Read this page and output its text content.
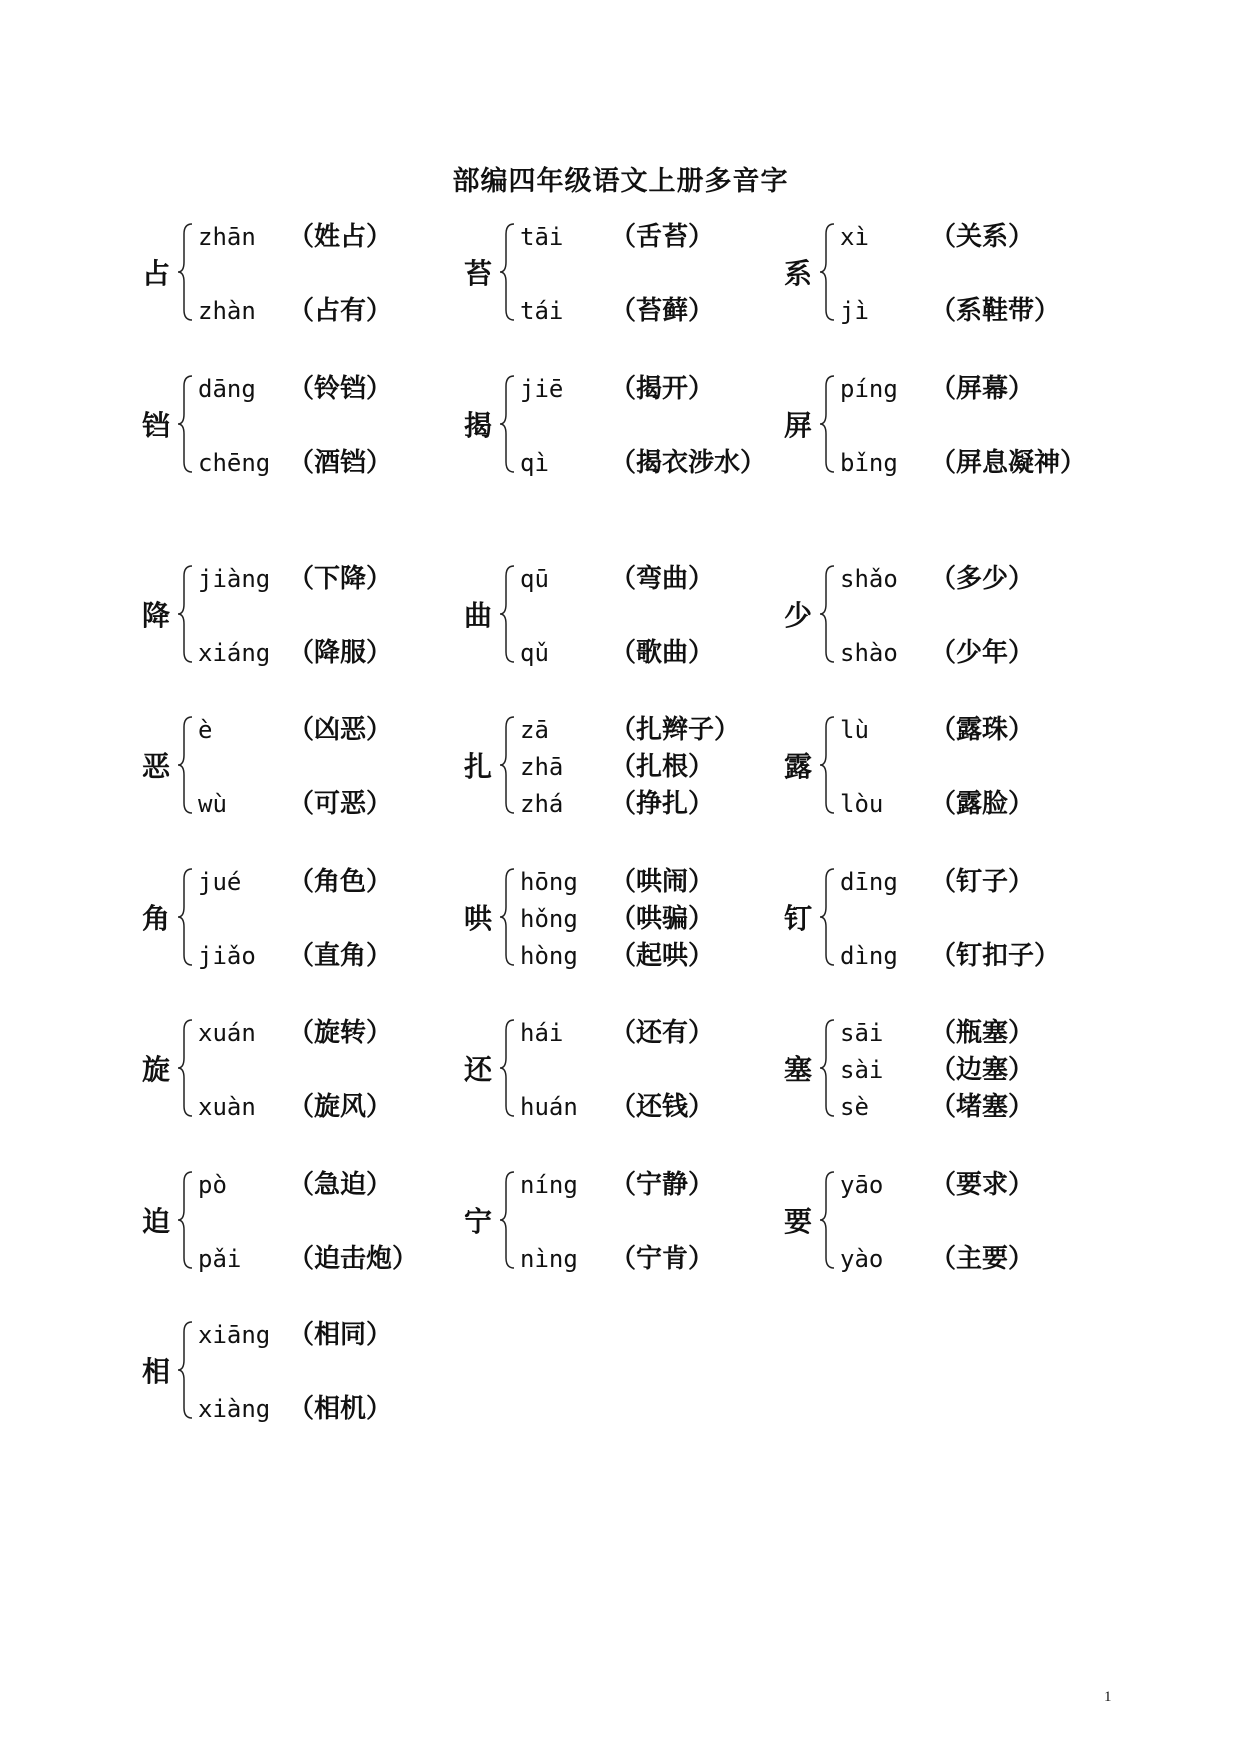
部编四年级语文上册多音字
占
zhān （姓占）
zhàn （占有）
苔
tāi （舌苔）
tái （苔藓）
系
xì （关系）
jì （系鞋带）
铛
dāng （铃铛）
chēng （酒铛）
揭
jiē （揭开）
qì （揭衣涉水）
屏
píng （屏幕）
bǐng （屏息凝神）
降
jiàng （下降）
xiáng （降服）
曲
qū （弯曲）
qǔ （歌曲）
少
shǎo （多少）
shào （少年）
恶
è	（凶恶）
wù （可恶）
扎
zā （扎辫子）
zhā （扎根）
zhá （挣扎）
露
lù （露珠）
lòu （露脸）
角
jué （角色）
jiǎo （直角）
哄
hōng （哄闹）
hǒng （哄骗）
hòng （起哄）
钉
dīng （钉子）
dìng （钉扣子）
旋
xuán （旋转）
xuàn （旋风）
还
hái （还有）
huán （还钱）
塞
sāi （瓶塞）
sài （边塞）
sè （堵塞）
迫
pò （急迫）
pǎi （迫击炮）
宁
níng （宁静）
nìng （宁肯）
要
yāo （要求）
yào （主要）
相
xiāng （相同）
xiàng （相机）
1
